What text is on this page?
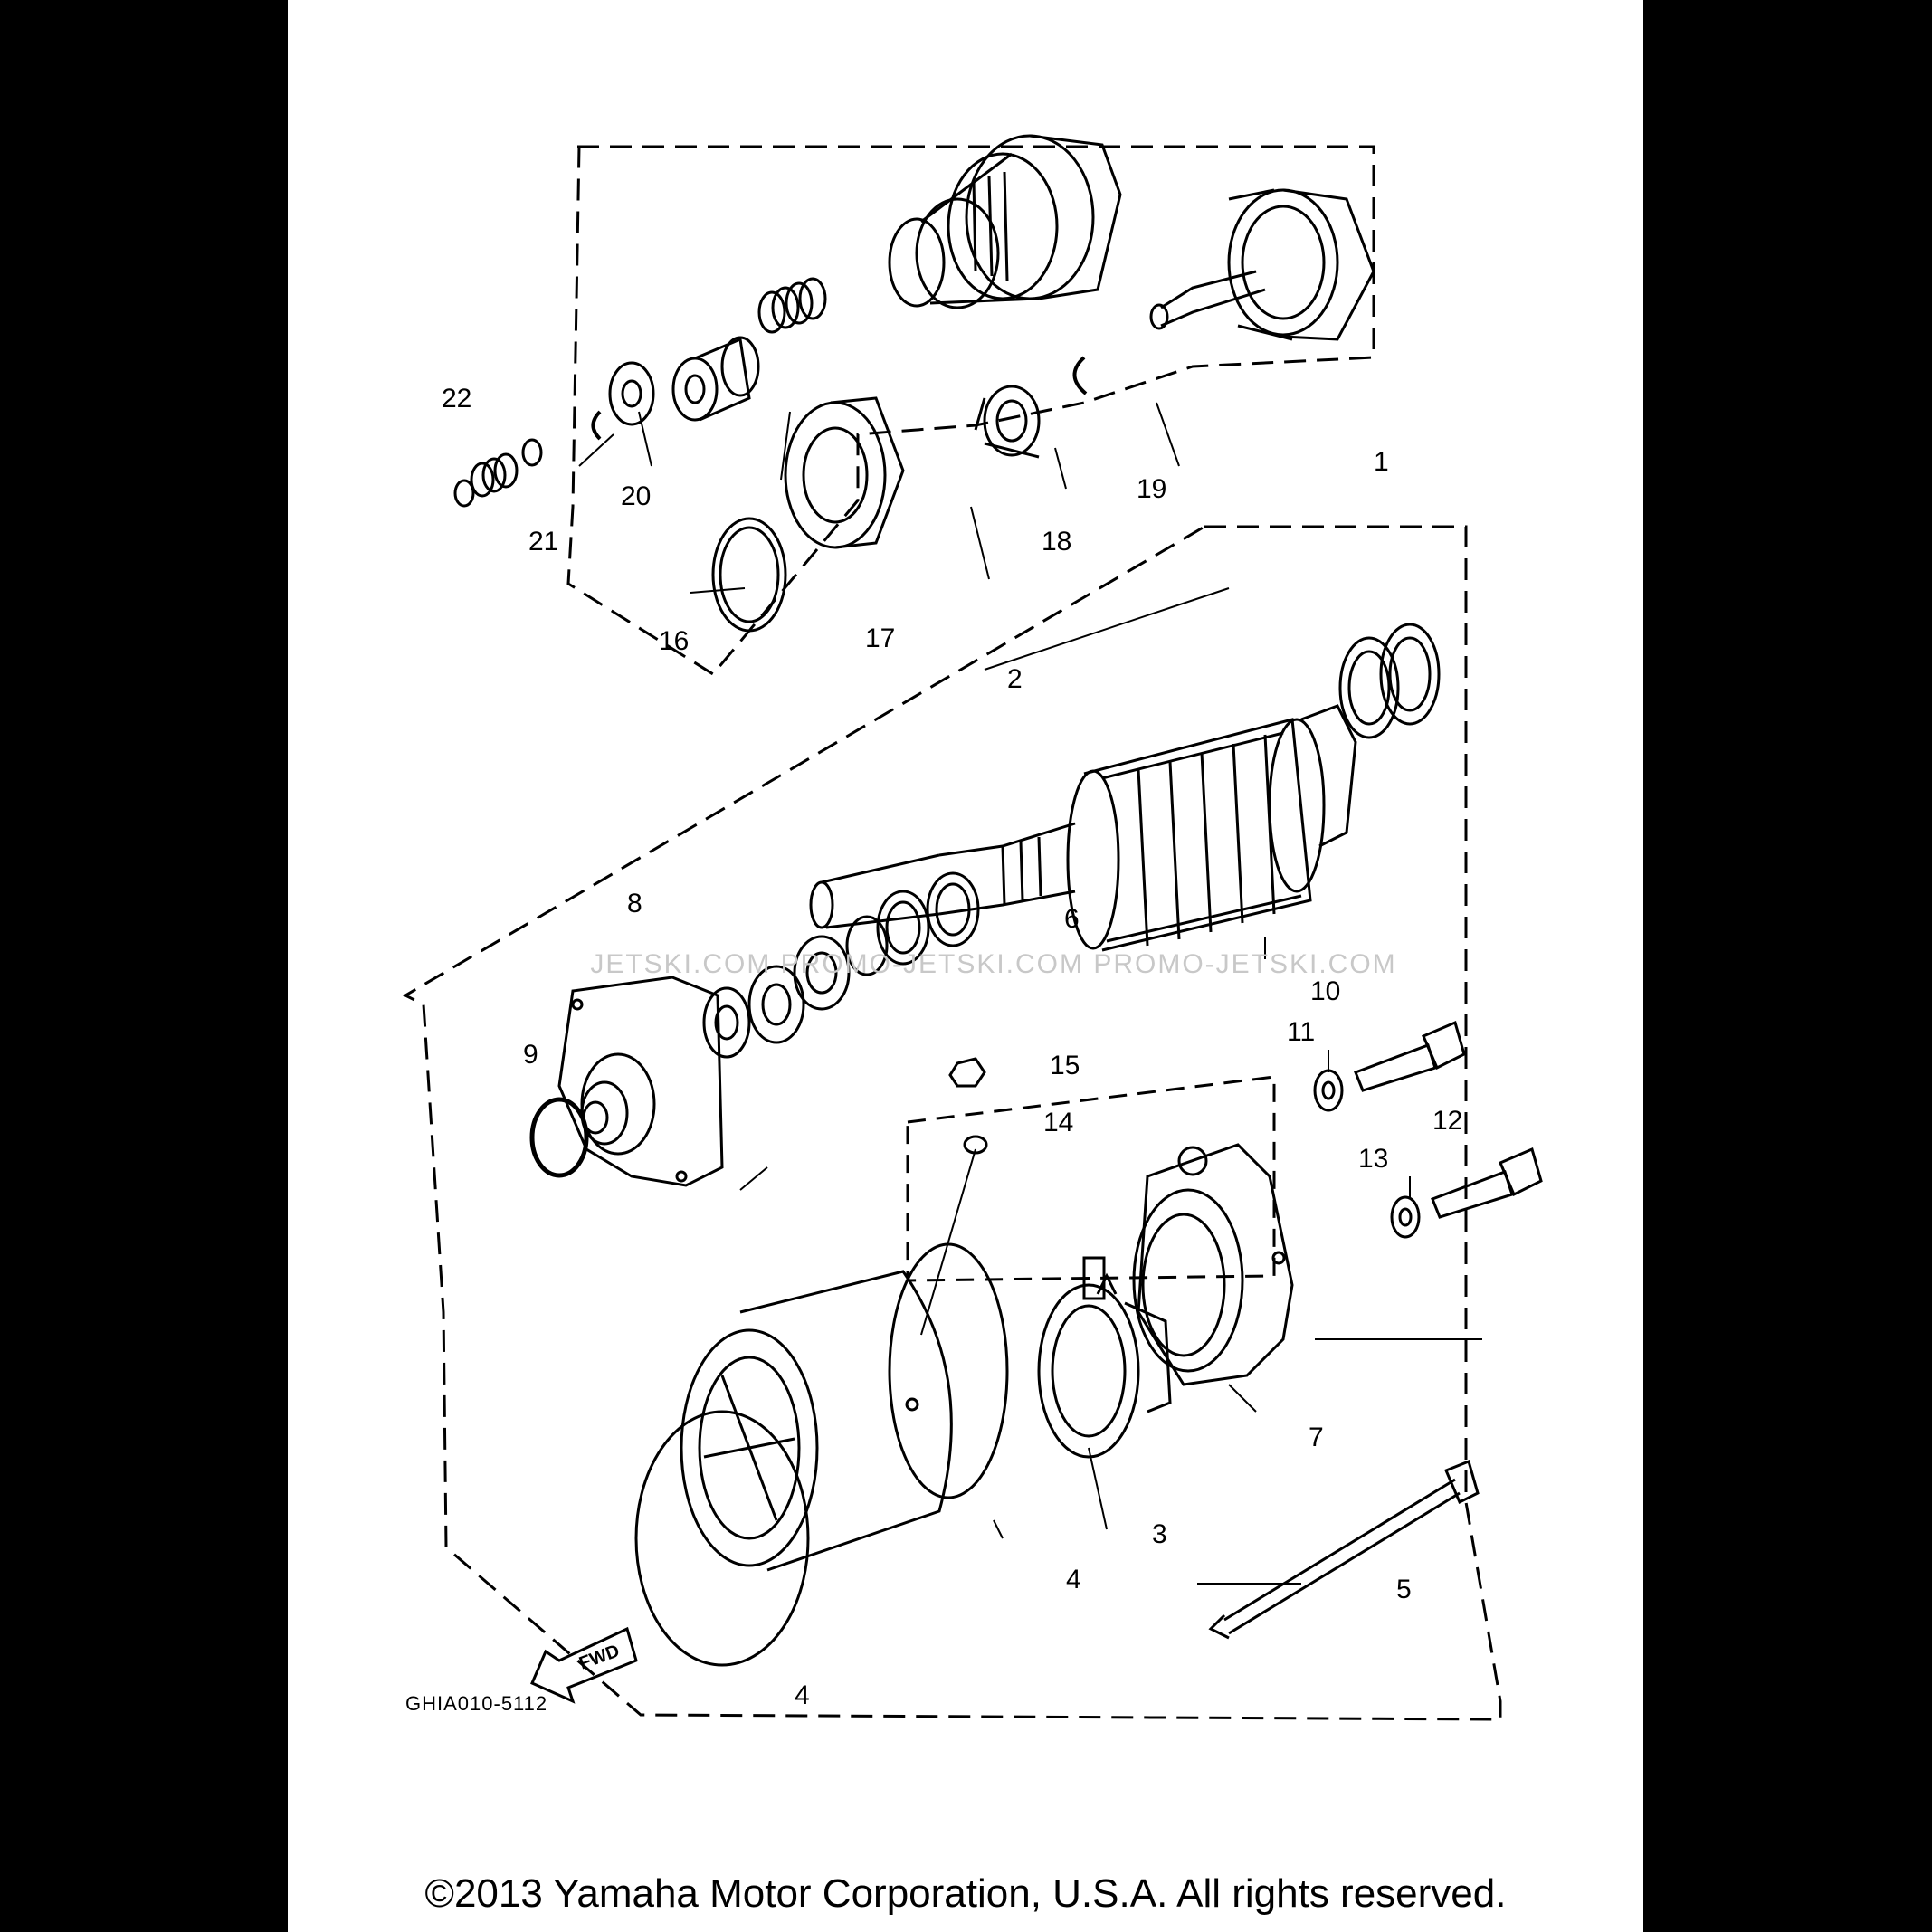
JETSKI.COM PROMO-JETSKI.COM PROMO-JETSKI.COM
1
2
3
4
4
5
6
7
8
9
10
11
12
13
14
15
16	17
18
19
20
21
22
FWD
GHIA010-5112
©2013 Yamaha Motor Corporation, U.S.A. All rights reserved.
